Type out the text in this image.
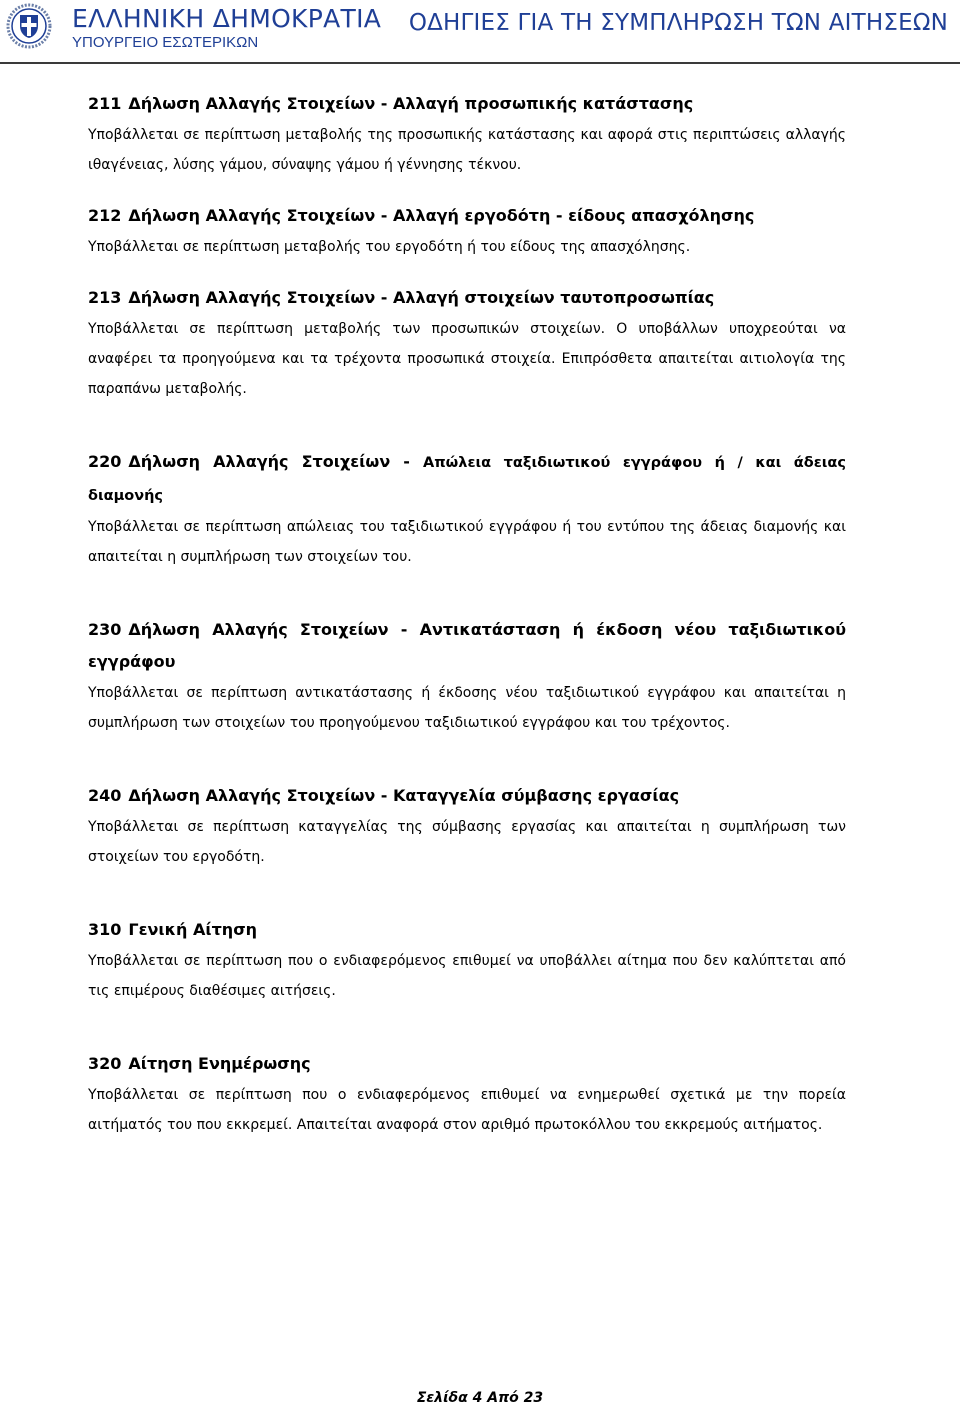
ΕΛΛΗΝΙΚΗ ΔΗΜΟΚΡΑΤΙΑ
ΥΠΟΥΡΓΕΙΟ ΕΣΩΤΕΡΙΚΩΝ
ΟΔΗΓΙΕΣ ΓΙΑ ΤΗ ΣΥΜΠΛΗΡΩΣΗ ΤΩΝ ΑΙΤΗΣΕΩΝ

211 Δήλωση Αλλαγής Στοιχείων - Αλλαγή προσωπικής κατάστασης

Υποβάλλεται σε περίπτωση μεταβολής της προσωπικής κατάστασης και αφορά στις περιπτώσεις αλλαγής ιθαγένειας, λύσης γάμου, σύναψης γάμου ή γέννησης τέκνου.

212 Δήλωση Αλλαγής Στοιχείων - Αλλαγή εργοδότη - είδους απασχόλησης

Υποβάλλεται σε περίπτωση μεταβολής του εργοδότη ή του είδους της απασχόλησης.

213 Δήλωση Αλλαγής Στοιχείων - Αλλαγή στοιχείων ταυτοπροσωπίας

Υποβάλλεται σε περίπτωση μεταβολής των προσωπικών στοιχείων. Ο υποβάλλων υποχρεούται να αναφέρει τα προηγούμενα και τα τρέχοντα προσωπικά στοιχεία. Επιπρόσθετα απαιτείται αιτιολογία της παραπάνω μεταβολής.

220 Δήλωση Αλλαγής Στοιχείων - Απώλεια ταξιδιωτικού εγγράφου ή / και άδειας διαμονής

Υποβάλλεται σε περίπτωση απώλειας του ταξιδιωτικού εγγράφου ή του εντύπου της άδειας διαμονής και απαιτείται η συμπλήρωση των στοιχείων του.

230 Δήλωση Αλλαγής Στοιχείων - Αντικατάσταση ή έκδοση νέου ταξιδιωτικού εγγράφου

Υποβάλλεται σε περίπτωση αντικατάστασης ή έκδοσης νέου ταξιδιωτικού εγγράφου και απαιτείται η συμπλήρωση των στοιχείων του προηγούμενου ταξιδιωτικού εγγράφου και του τρέχοντος.

240 Δήλωση Αλλαγής Στοιχείων - Καταγγελία σύμβασης εργασίας

Υποβάλλεται σε περίπτωση καταγγελίας της σύμβασης εργασίας και απαιτείται η συμπλήρωση των στοιχείων του εργοδότη.

310 Γενική Αίτηση

Υποβάλλεται σε περίπτωση που ο ενδιαφερόμενος επιθυμεί να υποβάλλει αίτημα που δεν καλύπτεται από τις επιμέρους διαθέσιμες αιτήσεις.

320 Αίτηση Ενημέρωσης

Υποβάλλεται σε περίπτωση που ο ενδιαφερόμενος επιθυμεί να ενημερωθεί σχετικά με την πορεία αιτήματός του που εκκρεμεί. Απαιτείται αναφορά στον αριθμό πρωτοκόλλου του εκκρεμούς αιτήματος.

Σελίδα 4 Από 23
